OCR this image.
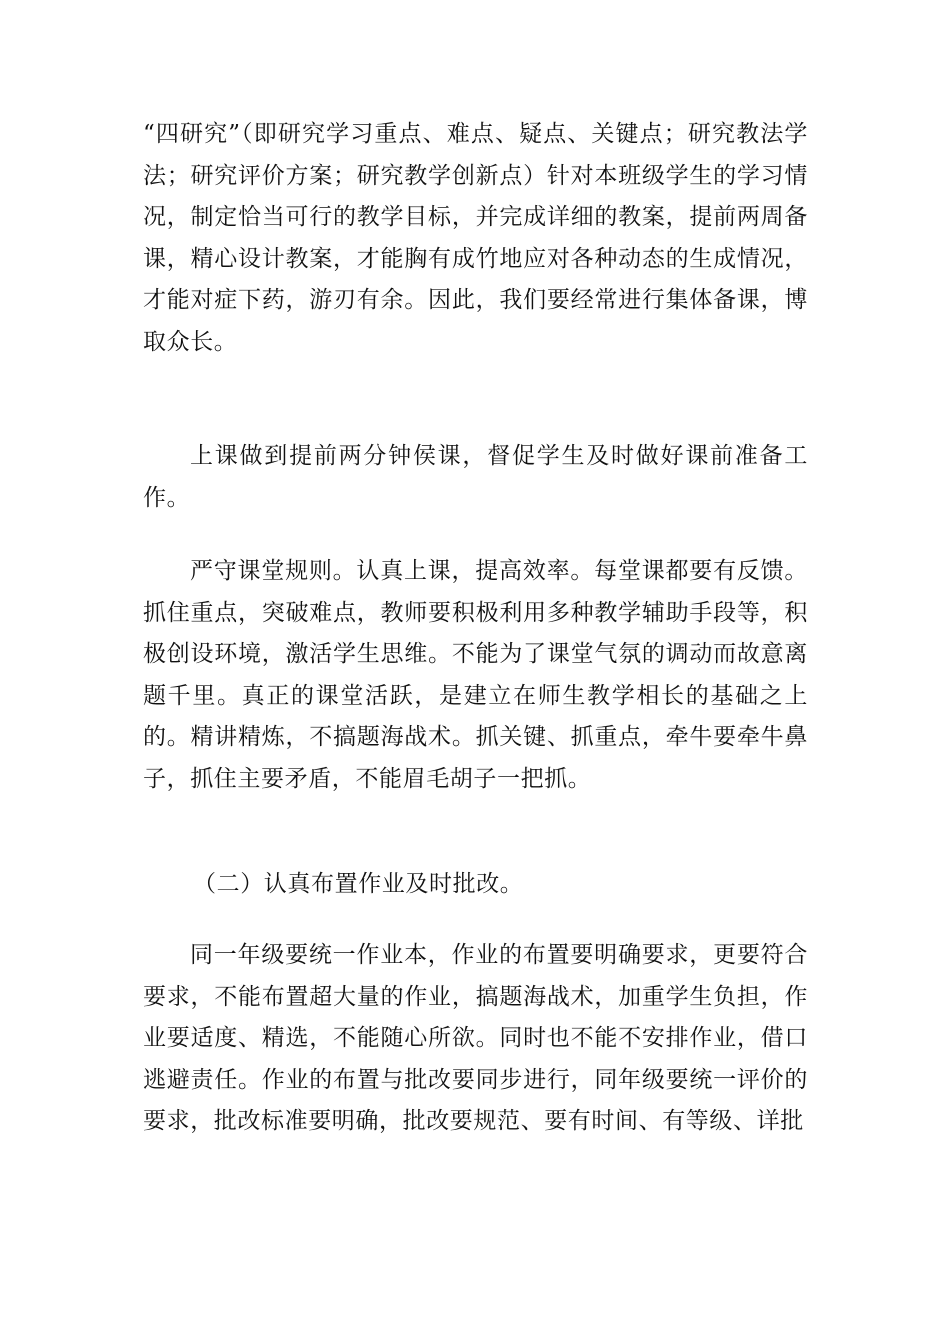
“四研究”（即研究学习重点、难点、疑点、关键点；研究教法学法；研究评价方案；研究教学创新点）针对本班级学生的学习情况，制定恰当可行的教学目标，并完成详细的教案，提前两周备课，精心设计教案，才能胸有成竹地应对各种动态的生成情况，才能对症下药，游刃有余。因此，我们要经常进行集体备课，博取众长。

上课做到提前两分钟侯课，督促学生及时做好课前准备工作。

严守课堂规则。认真上课，提高效率。每堂课都要有反馈。抓住重点，突破难点，教师要积极利用多种教学辅助手段等，积极创设环境，激活学生思维。不能为了课堂气氛的调动而故意离题千里。真正的课堂活跃，是建立在师生教学相长的基础之上的。精讲精炼，不搞题海战术。抓关键、抓重点，牵牛要牵牛鼻子，抓住主要矛盾，不能眉毛胡子一把抓。

（二）认真布置作业及时批改。

同一年级要统一作业本，作业的布置要明确要求，更要符合要求，不能布置超大量的作业，搞题海战术，加重学生负担，作业要适度、精选，不能随心所欲。同时也不能不安排作业，借口逃避责任。作业的布置与批改要同步进行，同年级要统一评价的要求，批改标准要明确，批改要规范、要有时间、有等级、详批
